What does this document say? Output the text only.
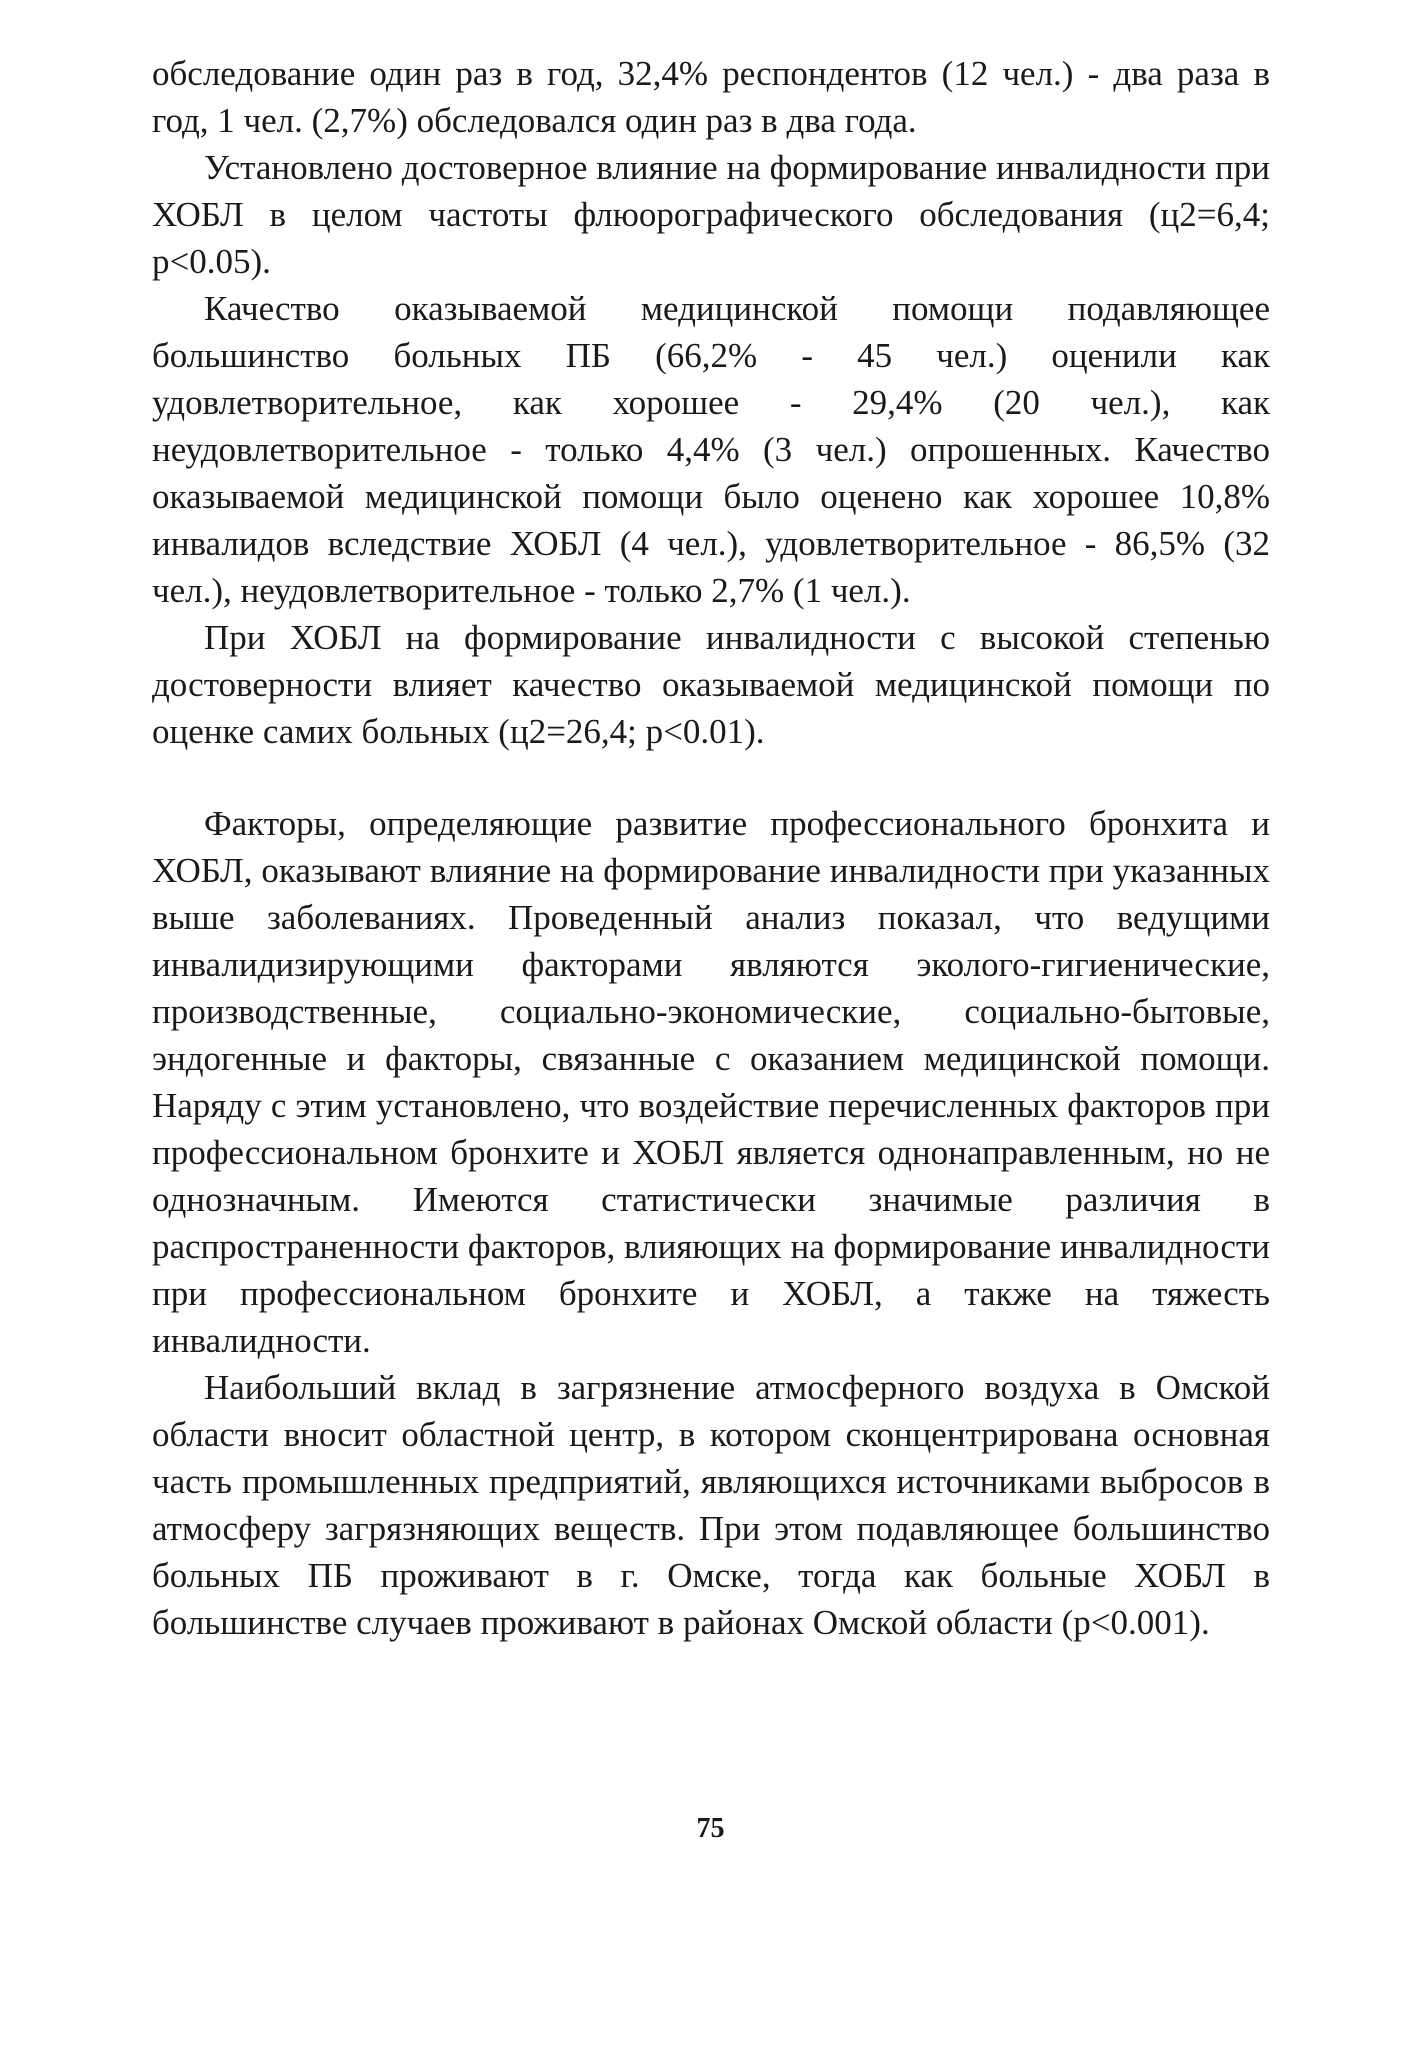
обследование один раз в год, 32,4% респондентов (12 чел.) - два раза в год, 1 чел. (2,7%) обследовался один раз в два года.

Установлено достоверное влияние на формирование инвалидности при ХОБЛ в целом частоты флюорографического обследования (ц2=6,4; р<0.05).

Качество оказываемой медицинской помощи подавляющее большинство больных ПБ (66,2% - 45 чел.) оценили как удовлетворительное, как хорошее - 29,4% (20 чел.), как неудовлетворительное - только 4,4% (3 чел.) опрошенных. Качество оказываемой медицинской помощи было оценено как хорошее 10,8% инвалидов вследствие ХОБЛ (4 чел.), удовлетворительное - 86,5% (32 чел.), неудовлетворительное - только 2,7% (1 чел.).

При ХОБЛ на формирование инвалидности с высокой степенью достоверности влияет качество оказываемой медицинской помощи по оценке самих больных (ц2=26,4; р<0.01).

Факторы, определяющие развитие профессионального бронхита и ХОБЛ, оказывают влияние на формирование инвалидности при указанных выше заболеваниях. Проведенный анализ показал, что ведущими инвалидизирующими факторами являются эколого-гигиенические, производственные, социально-экономические, социально-бытовые, эндогенные и факторы, связанные с оказанием медицинской помощи. Наряду с этим установлено, что воздействие перечисленных факторов при профессиональном бронхите и ХОБЛ является однонаправленным, но не однозначным. Имеются статистически значимые различия в распространенности факторов, влияющих на формирование инвалидности при профессиональном бронхите и ХОБЛ, а также на тяжесть инвалидности.

Наибольший вклад в загрязнение атмосферного воздуха в Омской области вносит областной центр, в котором сконцентрирована основная часть промышленных предприятий, являющихся источниками выбросов в атмосферу загрязняющих веществ. При этом подавляющее большинство больных ПБ проживают в г. Омске, тогда как больные ХОБЛ в большинстве случаев проживают в районах Омской области (р<0.001).

75
